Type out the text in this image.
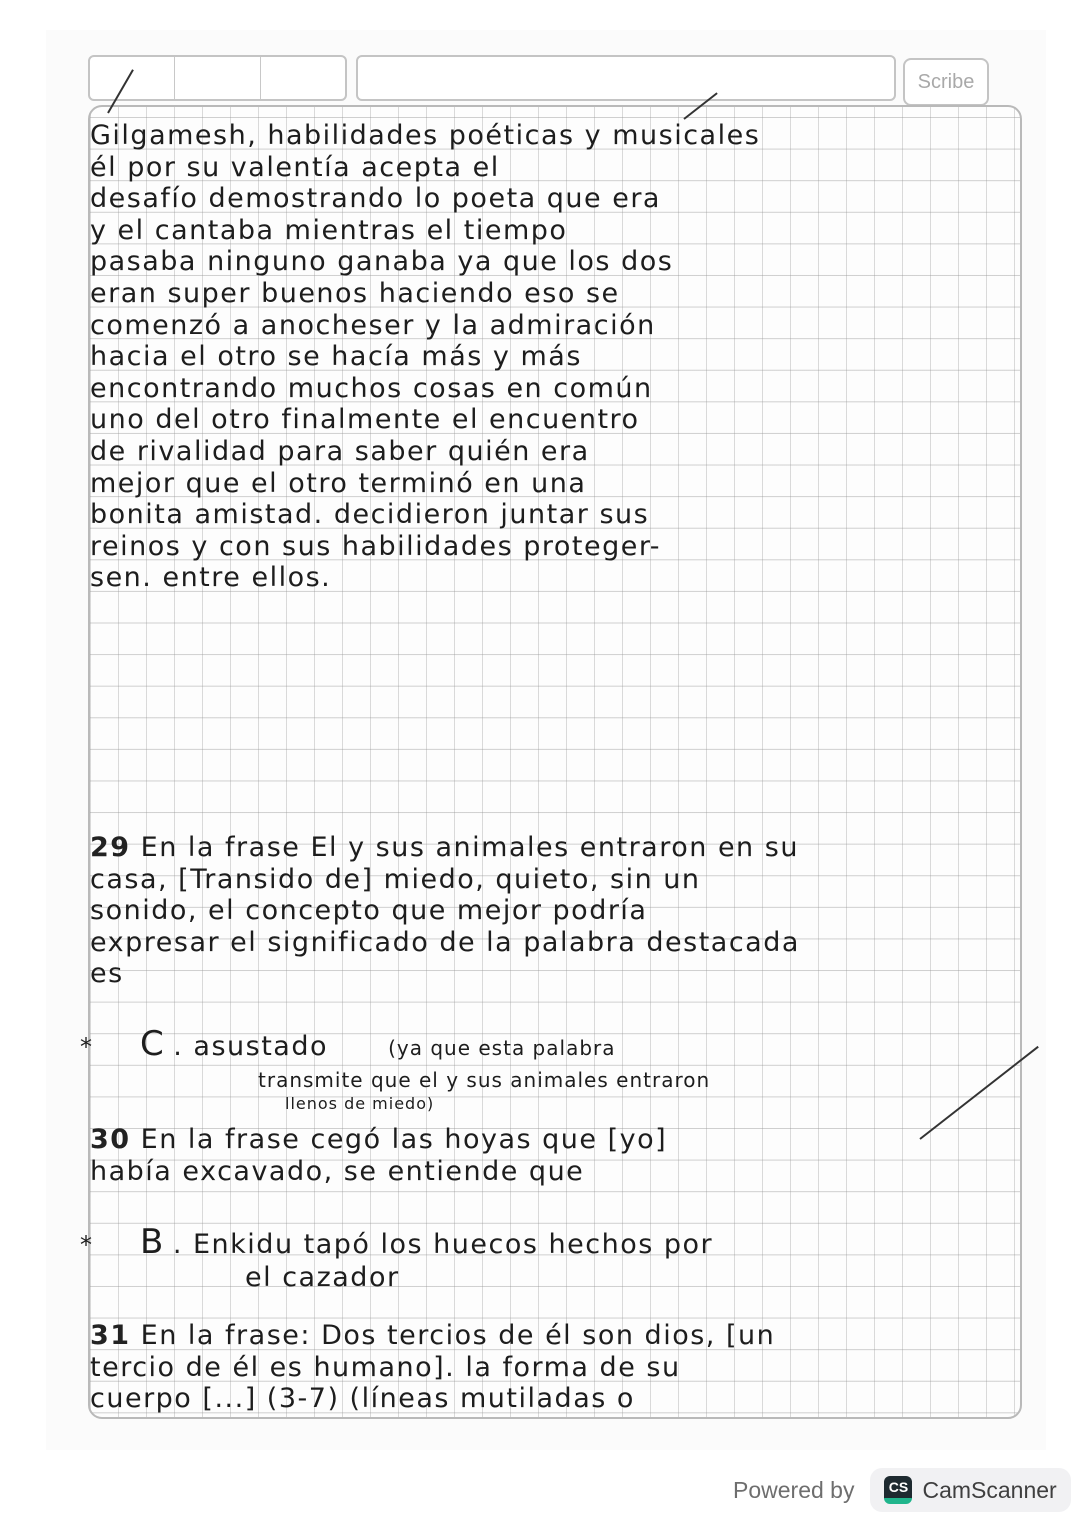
Scribe
Gilgamesh, habilidades poéticas y musicales
él por su valentía acepta el
desafío demostrando lo poeta que era
y el cantaba mientras el tiempo
pasaba ninguno ganaba ya que los dos
eran super buenos haciendo eso se
comenzó a anocheser y la admiración
hacia el otro se hacía más y más
encontrando muchos cosas en común
uno del otro finalmente el encuentro
de rivalidad para saber quién era
mejor que el otro terminó en una
bonita amistad. decidieron juntar sus
reinos y con sus habilidades proteger-
sen. entre ellos.
29 En la frase El y sus animales entraron en su
casa, [Transido de] miedo, quieto, sin un
sonido, el concepto que mejor podría
expresar el significado de la palabra destacada
es
* C . asustado	(ya que esta palabra
transmite que el y sus animales entraron
llenos de miedo)
30 En la frase cegó las hoyas que [yo]
había excavado, se entiende que
* B . Enkidu tapó los huecos hechos por
el cazador
31 En la frase: Dos tercios de él son dios, [un
tercio de él es humano]. la forma de su
cuerpo [...] (3-7) (líneas mutiladas o
Powered by	CS CamScanner
